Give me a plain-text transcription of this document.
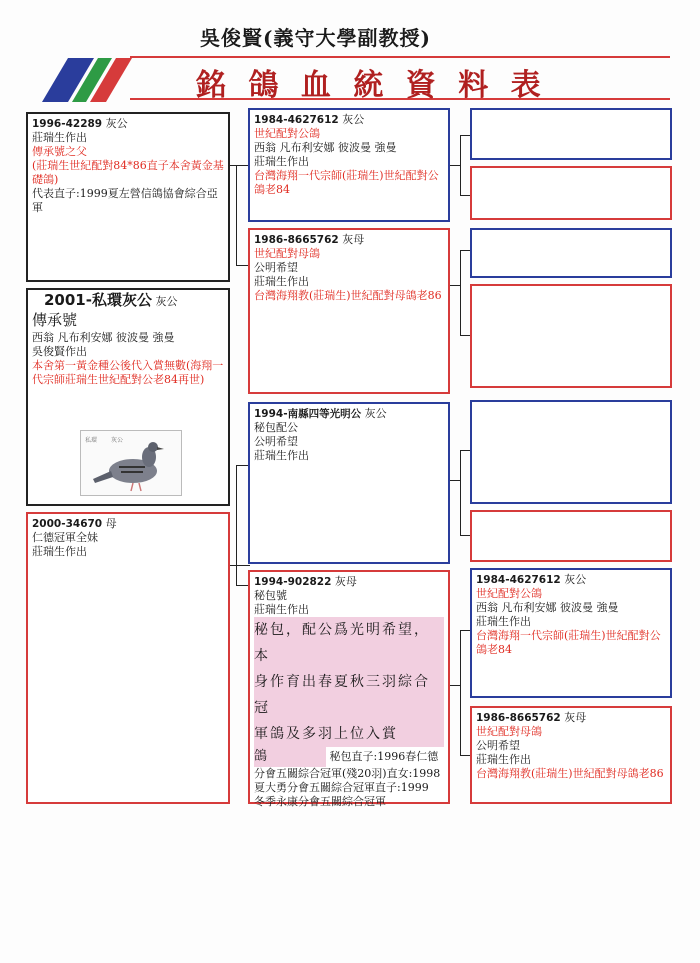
吳俊賢(義守大學副教授)
銘 鴿 血 統 資 料 表
1996-42289 灰公
莊瑞生作出
傳承號之父
(莊瑞生世紀配對84*86直子本舍黃金基礎鴿)
代表直子:1999夏左營信鴿協會綜合亞軍
2001-私環灰公 灰公
傳承號
西翁 凡布利安娜 彼波曼 強曼
吳俊賢作出
本舍第一黃金種公後代入賞無數(海翔一代宗師莊瑞生世紀配對公老84再世)
私環 灰公
2000-34670 母
仁德冠軍全妹
莊瑞生作出
1984-4627612 灰公
世紀配對公鴿
西翁 凡布利安娜 彼波曼 強曼
莊瑞生作出
台灣海翔一代宗師(莊瑞生)世紀配對公鴿老84
1986-8665762 灰母
世紀配對母鴿
公明希望
莊瑞生作出
台灣海翔教(莊瑞生)世紀配對母鴿老86
1994-南縣四等光明公 灰公
秘包配公
公明希望
莊瑞生作出
1994-902822 灰母
秘包號
莊瑞生作出
秘包，配公爲光明希望，本
身作育出春夏秋三羽綜合冠
軍鴿及多羽上位入賞
鴿	秘包直子:1996春仁德
分會五關綜合冠軍(殘20羽)直女:1998
夏大勇分會五關綜合冠軍直子:1999
冬季永康分會五關綜合冠軍
1984-4627612 灰公
世紀配對公鴿
西翁 凡布利安娜 彼波曼 強曼
莊瑞生作出
台灣海翔一代宗師(莊瑞生)世紀配對公鴿老84
1986-8665762 灰母
世紀配對母鴿
公明希望
莊瑞生作出
台灣海翔教(莊瑞生)世紀配對母鴿老86
